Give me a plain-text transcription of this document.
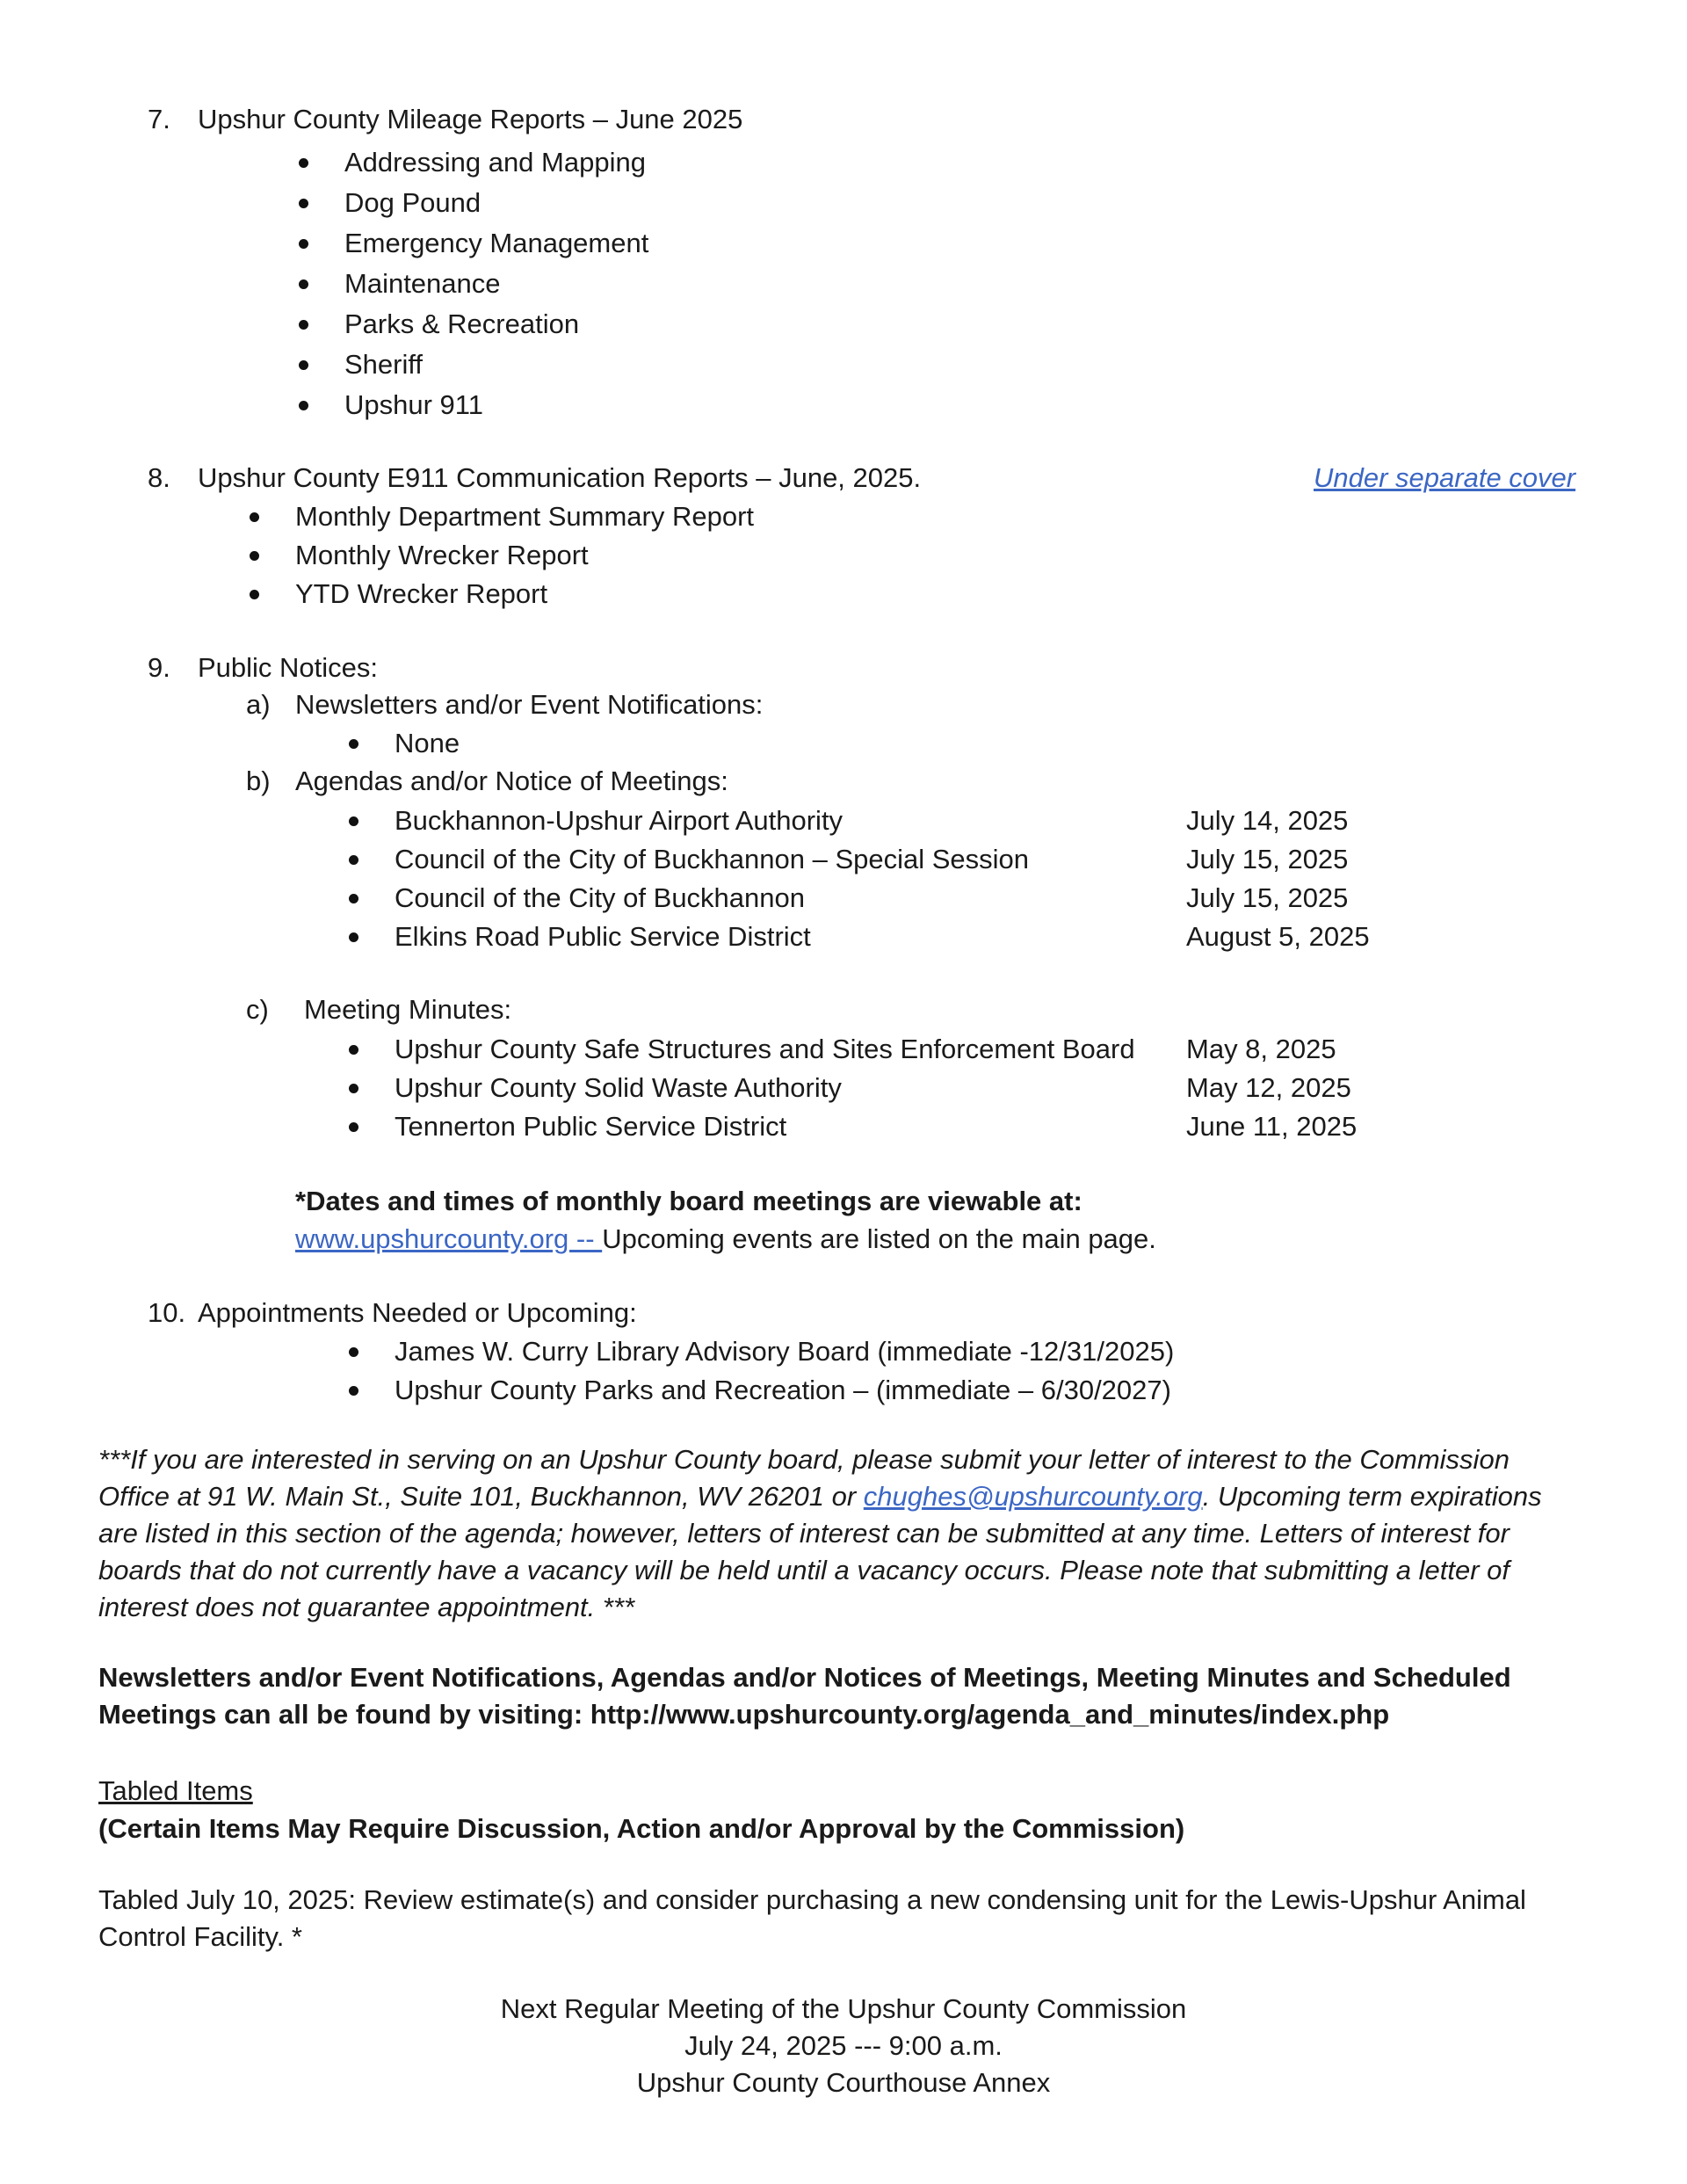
7. Upshur County Mileage Reports – June 2025
Addressing and Mapping
Dog Pound
Emergency Management
Maintenance
Parks & Recreation
Sheriff
Upshur 911
8. Upshur County E911 Communication Reports – June, 2025.	Under separate cover
Monthly Department Summary Report
Monthly Wrecker Report
YTD Wrecker Report
9. Public Notices:
a) Newsletters and/or Event Notifications:
None
b) Agendas and/or Notice of Meetings:
Buckhannon-Upshur Airport Authority	July 14, 2025
Council of the City of Buckhannon – Special Session	July 15, 2025
Council of the City of Buckhannon	July 15, 2025
Elkins Road Public Service District	August 5, 2025
c) Meeting Minutes:
Upshur County Safe Structures and Sites Enforcement Board May 8, 2025
Upshur County Solid Waste Authority	May 12, 2025
Tennerton Public Service District	June 11, 2025
*Dates and times of monthly board meetings are viewable at:
www.upshurcounty.org -- Upcoming events are listed on the main page.
10. Appointments Needed or Upcoming:
James W. Curry Library Advisory Board (immediate -12/31/2025)
Upshur County Parks and Recreation – (immediate – 6/30/2027)
***If you are interested in serving on an Upshur County board, please submit your letter of interest to the Commission Office at 91 W. Main St., Suite 101, Buckhannon, WV 26201 or chughes@upshurcounty.org. Upcoming term expirations are listed in this section of the agenda; however, letters of interest can be submitted at any time. Letters of interest for boards that do not currently have a vacancy will be held until a vacancy occurs. Please note that submitting a letter of interest does not guarantee appointment. ***
Newsletters and/or Event Notifications, Agendas and/or Notices of Meetings, Meeting Minutes and Scheduled Meetings can all be found by visiting: http://www.upshurcounty.org/agenda_and_minutes/index.php
Tabled Items
(Certain Items May Require Discussion, Action and/or Approval by the Commission)
Tabled July 10, 2025: Review estimate(s) and consider purchasing a new condensing unit for the Lewis-Upshur Animal Control Facility. *
Next Regular Meeting of the Upshur County Commission
July 24, 2025 --- 9:00 a.m.
Upshur County Courthouse Annex
